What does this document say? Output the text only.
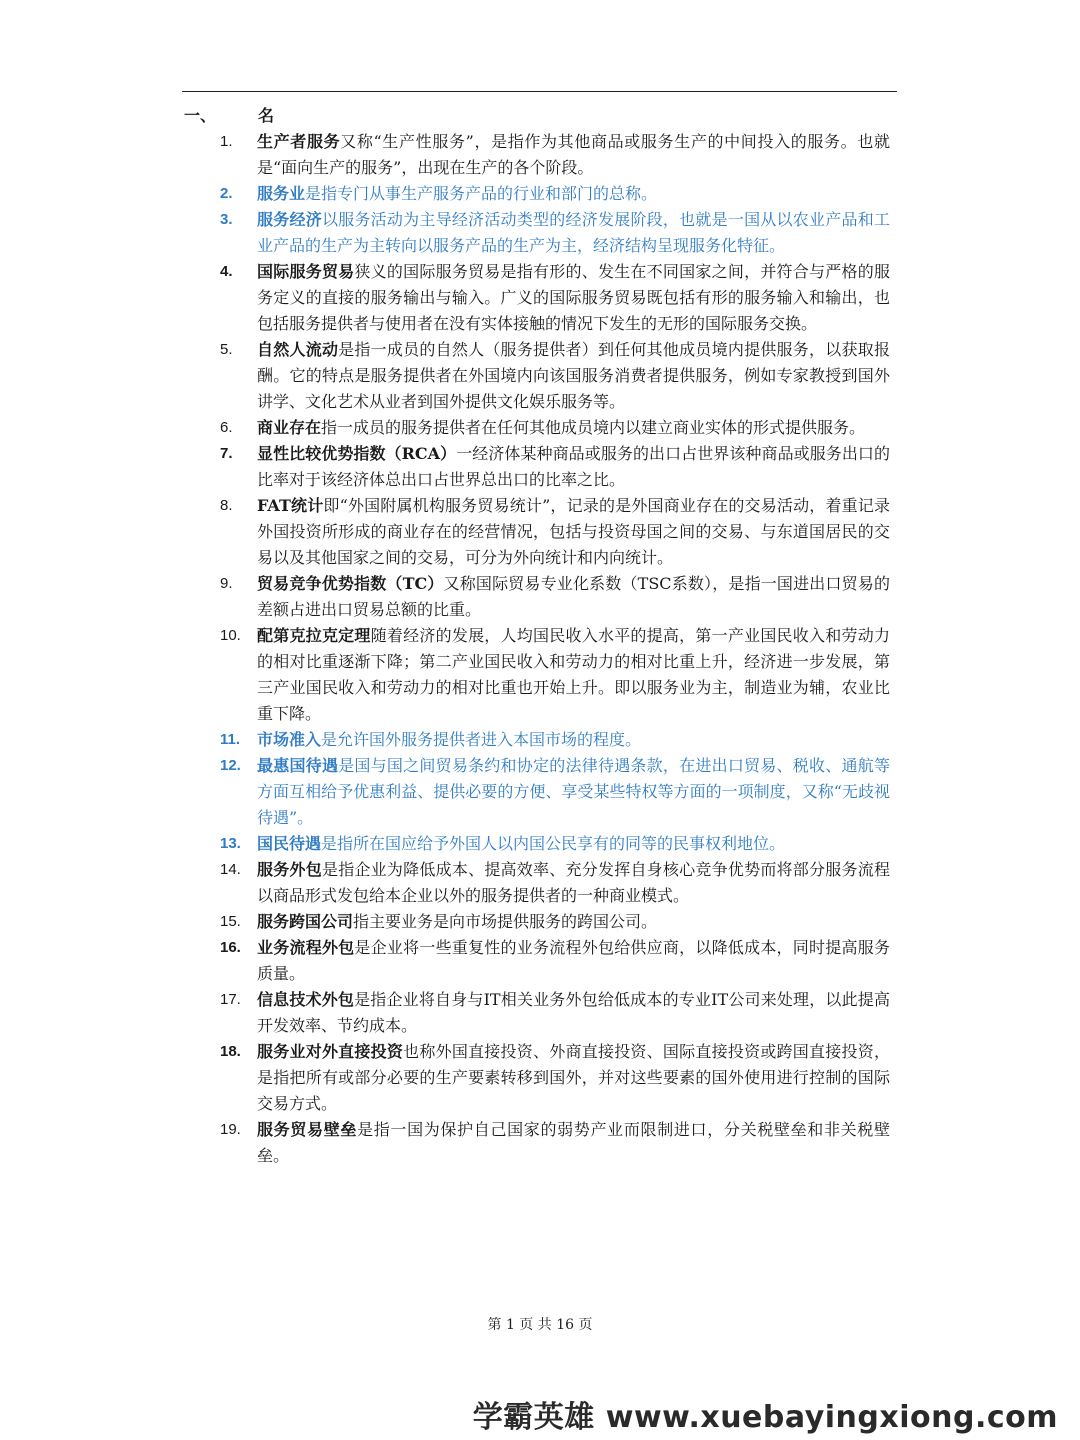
一、	名
1. 生产者服务又称“生产性服务”，是指作为其他商品或服务生产的中间投入的服务。也就是“面向生产的服务”，出现在生产的各个阶段。
2. 服务业是指专门从事生产服务产品的行业和部门的总称。
3. 服务经济以服务活动为主导经济活动类型的经济发展阶段，也就是一国从以农业产品和工业产品的生产为主转向以服务产品的生产为主，经济结构呈现服务化特征。
4. 国际服务贸易狭义的国际服务贸易是指有形的、发生在不同国家之间，并符合与严格的服务定义的直接的服务输出与输入。广义的国际服务贸易既包括有形的服务输入和输出，也包括服务提供者与使用者在没有实体接触的情况下发生的无形的国际服务交换。
5. 自然人流动是指一成员的自然人（服务提供者）到任何其他成员境内提供服务，以获取报酬。它的特点是服务提供者在外国境内向该国服务消费者提供服务，例如专家教授到国外讲学、文化艺术从业者到国外提供文化娱乐服务等。
6. 商业存在指一成员的服务提供者在任何其他成员境内以建立商业实体的形式提供服务。
7. 显性比较优势指数（RCA）一经济体某种商品或服务的出口占世界该种商品或服务出口的比率对于该经济体总出口占世界总出口的比率之比。
8. FAT统计即“外国附属机构服务贸易统计”，记录的是外国商业存在的交易活动，着重记录外国投资所形成的商业存在的经营情况，包括与投资母国之间的交易、与东道国居民的交易以及其他国家之间的交易，可分为外向统计和内向统计。
9. 贸易竞争优势指数（TC）又称国际贸易专业化系数（TSC系数），是指一国进出口贸易的差额占进出口贸易总额的比重。
10. 配第克拉克定理随着经济的发展，人均国民收入水平的提高，第一产业国民收入和劳动力的相对比重逐渐下降；第二产业国民收入和劳动力的相对比重上升，经济进一步发展，第三产业国民收入和劳动力的相对比重也开始上升。即以服务业为主，制造业为辅，农业比重下降。
11. 市场准入是允许国外服务提供者进入本国市场的程度。
12. 最惠国待遇是国与国之间贸易条约和协定的法律待遇条款，在进出口贸易、税收、通航等方面互相给予优惠利益、提供必要的方便、享受某些特权等方面的一项制度，又称“无歧视待遇”。
13. 国民待遇是指所在国应给予外国人以内国公民享有的同等的民事权利地位。
14. 服务外包是指企业为降低成本、提高效率、充分发挥自身核心竞争优势而将部分服务流程以商品形式发包给本企业以外的服务提供者的一种商业模式。
15. 服务跨国公司指主要业务是向市场提供服务的跨国公司。
16. 业务流程外包是企业将一些重复性的业务流程外包给供应商，以降低成本，同时提高服务质量。
17. 信息技术外包是指企业将自身与IT相关业务外包给低成本的专业IT公司来处理，以此提高开发效率、节约成本。
18. 服务业对外直接投资也称外国直接投资、外商直接投资、国际直接投资或跨国直接投资，是指把所有或部分必要的生产要素转移到国外，并对这些要素的国外使用进行控制的国际交易方式。
19. 服务贸易壁垒是指一国为保护自己国家的弱势产业而限制进口，分关税壁垒和非关税壁垒。
第 1 页 共 16 页
学霸英雄 www.xuebayingxiong.com
